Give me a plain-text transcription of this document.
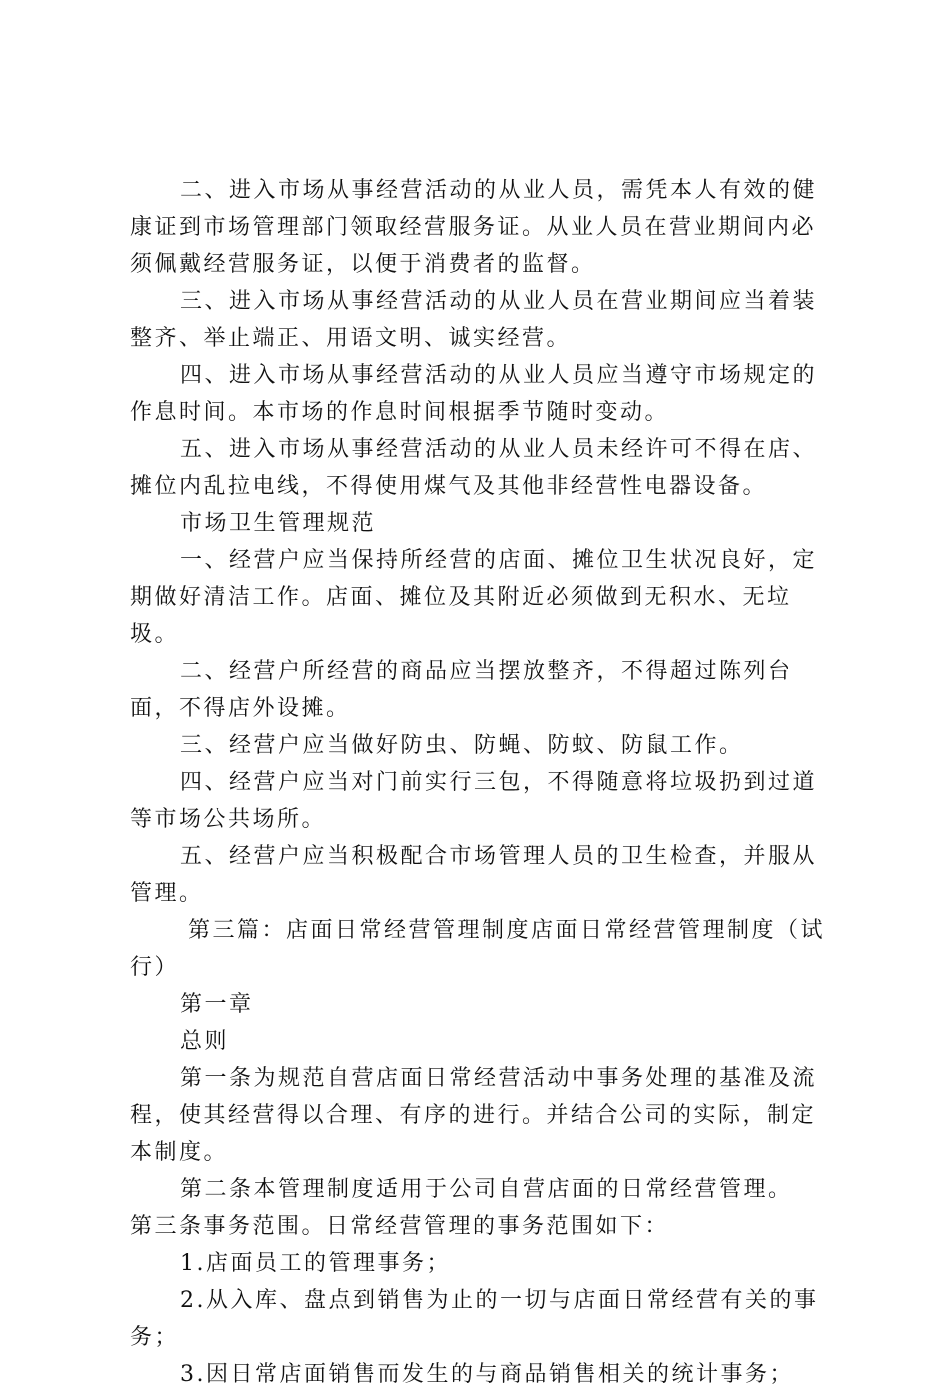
二、进入市场从事经营活动的从业人员，需凭本人有效的健康证到市场管理部门领取经营服务证。从业人员在营业期间内必须佩戴经营服务证，以便于消费者的监督。

三、进入市场从事经营活动的从业人员在营业期间应当着装整齐、举止端正、用语文明、诚实经营。

四、进入市场从事经营活动的从业人员应当遵守市场规定的作息时间。本市场的作息时间根据季节随时变动。

五、进入市场从事经营活动的从业人员未经许可不得在店、摊位内乱拉电线，不得使用煤气及其他非经营性电器设备。

市场卫生管理规范

一、经营户应当保持所经营的店面、摊位卫生状况良好，定期做好清洁工作。店面、摊位及其附近必须做到无积水、无垃圾。

二、经营户所经营的商品应当摆放整齐，不得超过陈列台面，不得店外设摊。

三、经营户应当做好防虫、防蝇、防蚊、防鼠工作。

四、经营户应当对门前实行三包，不得随意将垃圾扔到过道等市场公共场所。

五、经营户应当积极配合市场管理人员的卫生检查，并服从管理。

第三篇：店面日常经营管理制度店面日常经营管理制度（试行）

第一章

总则

第一条为规范自营店面日常经营活动中事务处理的基准及流程，使其经营得以合理、有序的进行。并结合公司的实际，制定本制度。

第二条本管理制度适用于公司自营店面的日常经营管理。

第三条事务范围。日常经营管理的事务范围如下：

1.店面员工的管理事务；

2.从入库、盘点到销售为止的一切与店面日常经营有关的事务；

3.因日常店面销售而发生的与商品销售相关的统计事务；
